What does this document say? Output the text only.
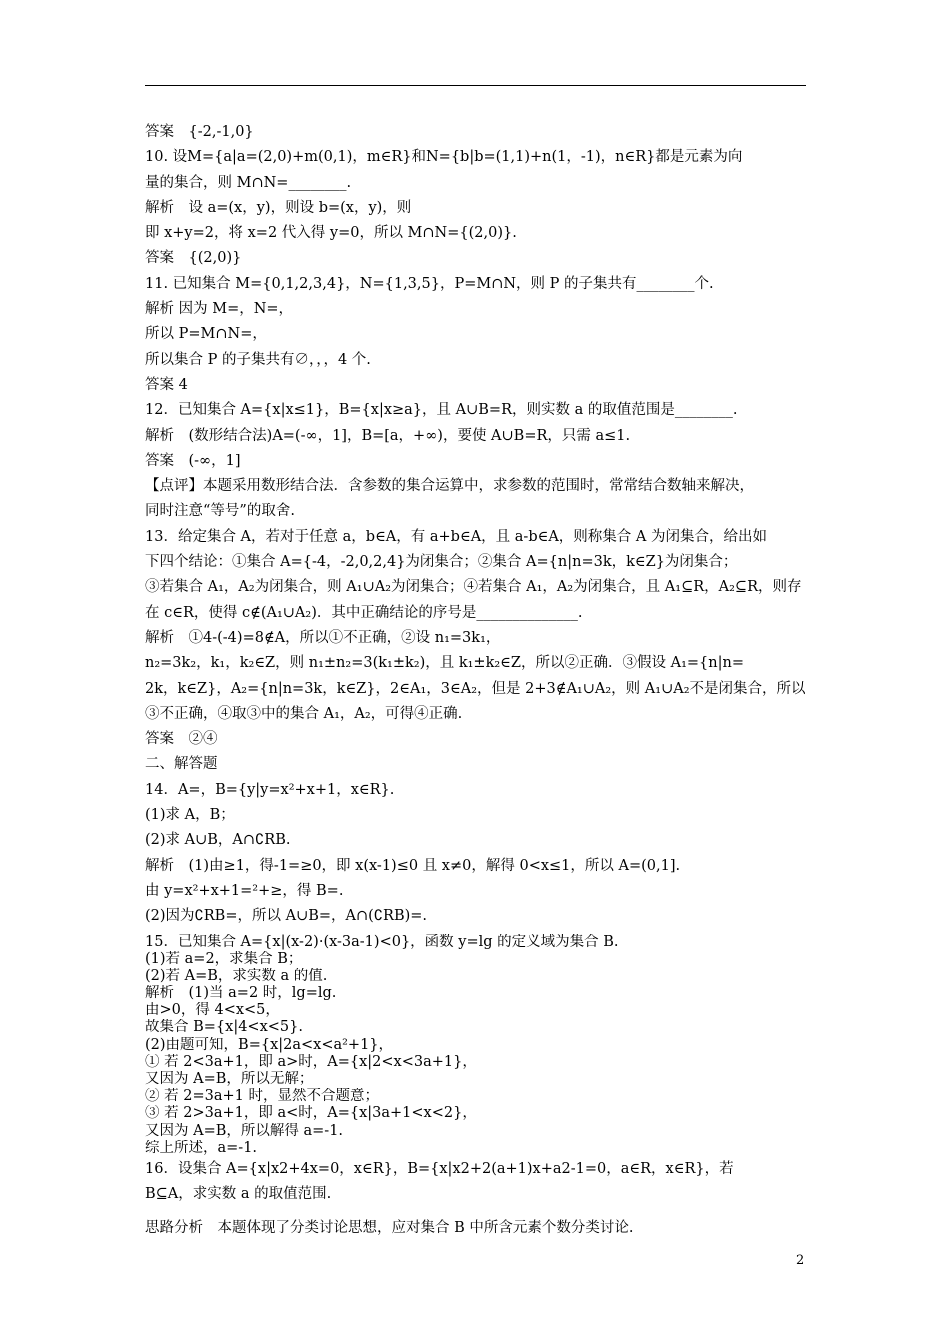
答案　{-2,-1,0}
10. 设M={a|a=(2,0)+m(0,1)，m∈R}和N={b|b=(1,1)+n(1，-1)，n∈R}都是元素为向
量的集合，则 M∩N=________.
解析　设 a=(x，y)，则设 b=(x，y)，则
即 x+y=2，将 x=2 代入得 y=0，所以 M∩N={(2,0)}.
答案　{(2,0)}
11. 已知集合 M={0,1,2,3,4}，N={1,3,5}，P=M∩N，则 P 的子集共有________个.
解析 因为 M=，N=，
所以 P=M∩N=，
所以集合 P 的子集共有∅，，，4 个.
答案 4
12．已知集合 A={x|x≤1}，B={x|x≥a}，且 A∪B=R，则实数 a 的取值范围是________.
解析　(数形结合法)A=(-∞，1]，B=[a，+∞)，要使 A∪B=R，只需 a≤1.
答案　(-∞，1]
【点评】本题采用数形结合法．含参数的集合运算中，求参数的范围时，常常结合数轴来解决，
同时注意“等号”的取舍.
13．给定集合 A，若对于任意 a，b∈A，有 a+b∈A，且 a-b∈A，则称集合 A 为闭集合，给出如
下四个结论：①集合 A={-4，-2,0,2,4}为闭集合；②集合 A={n|n=3k，k∈Z}为闭集合；
③若集合 A₁，A₂为闭集合，则 A₁∪A₂为闭集合；④若集合 A₁，A₂为闭集合，且 A₁⊆R，A₂⊆R，则存
在 c∈R，使得 c∉(A₁∪A₂)．其中正确结论的序号是______________.
解析　①4-(-4)=8∉A，所以①不正确，②设 n₁=3k₁，
n₂=3k₂，k₁，k₂∈Z，则 n₁±n₂=3(k₁±k₂)，且 k₁±k₂∈Z，所以②正确．③假设 A₁={n|n=
2k，k∈Z}，A₂={n|n=3k，k∈Z}，2∈A₁，3∈A₂，但是 2+3∉A₁∪A₂，则 A₁∪A₂不是闭集合，所以
③不正确，④取③中的集合 A₁，A₂，可得④正确.
答案　②④
二、解答题
14．A=，B={y|y=x²+x+1，x∈R}.
(1)求 A，B；
(2)求 A∪B，A∩∁RB.
解析　(1)由≥1，得-1=≥0，即 x(x-1)≤0 且 x≠0，解得 0<x≤1，所以 A=(0,1].
由 y=x²+x+1=²+≥，得 B=.
(2)因为∁RB=，所以 A∪B=，A∩(∁RB)=.
15．已知集合 A={x|(x-2)·(x-3a-1)<0}，函数 y=lg 的定义域为集合 B.
(1)若 a=2，求集合 B；
(2)若 A=B，求实数 a 的值.
解析　(1)当 a=2 时，lg=lg.
由>0，得 4<x<5，
故集合 B={x|4<x<5}.
(2)由题可知，B={x|2a<x<a²+1}，
① 若 2<3a+1，即 a>时，A={x|2<x<3a+1}，
又因为 A=B，所以无解；
② 若 2=3a+1 时，显然不合题意；
③ 若 2>3a+1，即 a<时，A={x|3a+1<x<2}，
又因为 A=B，所以解得 a=-1.
综上所述，a=-1.
16．设集合 A={x|x2+4x=0，x∈R}，B={x|x2+2(a+1)x+a2-1=0，a∈R，x∈R}，若
B⊆A，求实数 a 的取值范围.
思路分析　本题体现了分类讨论思想，应对集合 B 中所含元素个数分类讨论.
2
